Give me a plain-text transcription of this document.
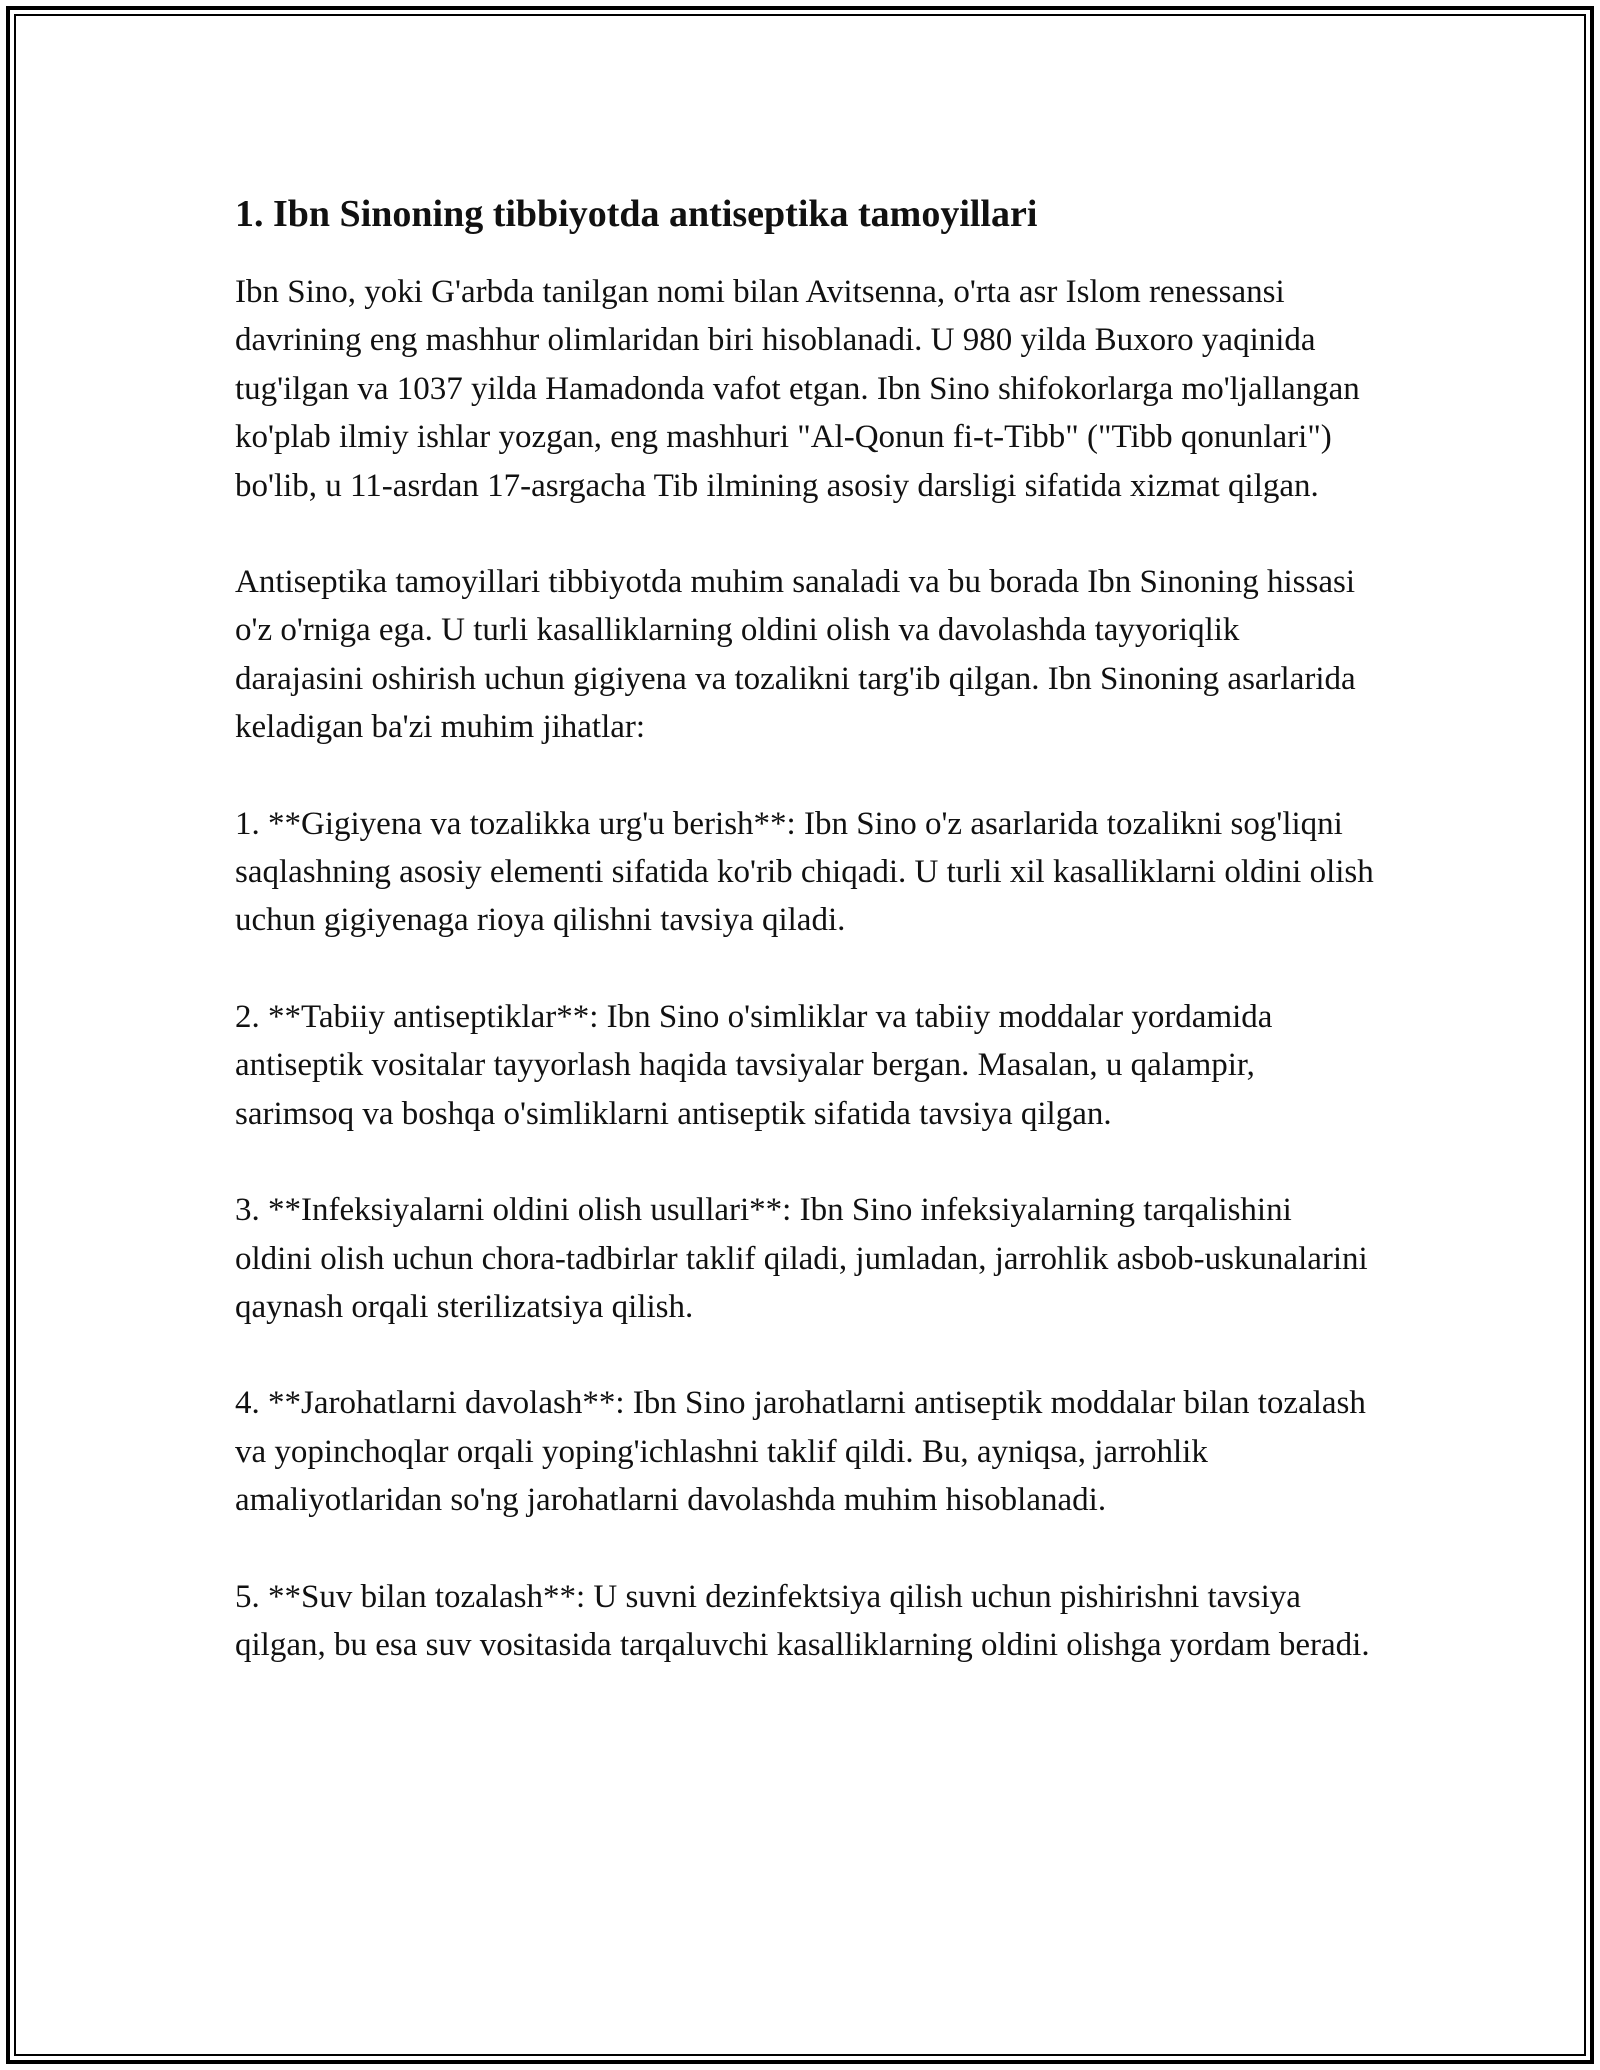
1. Ibn Sinoning tibbiyotda antiseptika tamoyillari

Ibn Sino, yoki G'arbda tanilgan nomi bilan Avitsenna, o'rta asr Islom renessansi davrining eng mashhur olimlaridan biri hisoblanadi. U 980 yilda Buxoro yaqinida tug'ilgan va 1037 yilda Hamadonda vafot etgan. Ibn Sino shifokorlarga mo'ljallangan ko'plab ilmiy ishlar yozgan, eng mashhuri "Al-Qonun fi-t-Tibb" ("Tibb qonunlari") bo'lib, u 11-asrdan 17-asrgacha Tib ilmining asosiy darsligi sifatida xizmat qilgan.

Antiseptika tamoyillari tibbiyotda muhim sanaladi va bu borada Ibn Sinoning hissasi o'z o'rniga ega. U turli kasalliklarning oldini olish va davolashda tayyoriqlik darajasini oshirish uchun gigiyena va tozalikni targ'ib qilgan. Ibn Sinoning asarlarida keladigan ba'zi muhim jihatlar:

1. **Gigiyena va tozalikka urg'u berish**: Ibn Sino o'z asarlarida tozalikni sog'liqni saqlashning asosiy elementi sifatida ko'rib chiqadi. U turli xil kasalliklarni oldini olish uchun gigiyenaga rioya qilishni tavsiya qiladi.

2. **Tabiiy antiseptiklar**: Ibn Sino o'simliklar va tabiiy moddalar yordamida antiseptik vositalar tayyorlash haqida tavsiyalar bergan. Masalan, u qalampir, sarimsoq va boshqa o'simliklarni antiseptik sifatida tavsiya qilgan.

3. **Infeksiyalarni oldini olish usullari**: Ibn Sino infeksiyalarning tarqalishini oldini olish uchun chora-tadbirlar taklif qiladi, jumladan, jarrohlik asbob-uskunalarini qaynash orqali sterilizatsiya qilish.

4. **Jarohatlarni davolash**: Ibn Sino jarohatlarni antiseptik moddalar bilan tozalash va yopinchoqlar orqali yoping'ichlashni taklif qildi. Bu, ayniqsa, jarrohlik amaliyotlaridan so'ng jarohatlarni davolashda muhim hisoblanadi.

5. **Suv bilan tozalash**: U suvni dezinfektsiya qilish uchun pishirishni tavsiya qilgan, bu esa suv vositasida tarqaluvchi kasalliklarning oldini olishga yordam beradi.
